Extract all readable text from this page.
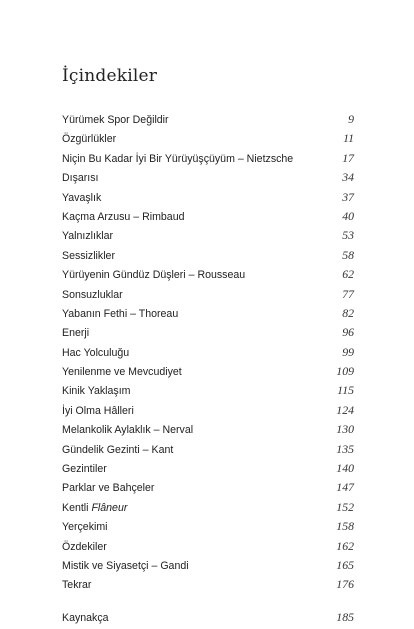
İçindekiler
Yürümek Spor Değildir	9
Özgürlükler	11
Niçin Bu Kadar İyi Bir Yürüyüşçüyüm – Nietzsche	17
Dışarısı	34
Yavaşlık	37
Kaçma Arzusu – Rimbaud	40
Yalnızlıklar	53
Sessizlikler	58
Yürüyenin Gündüz Düşleri – Rousseau	62
Sonsuzluklar	77
Yabanın Fethi – Thoreau	82
Enerji	96
Hac Yolculuğu	99
Yenilenme ve Mevcudiyet	109
Kinik Yaklaşım	115
İyi Olma Hâlleri	124
Melankolik Aylaklık – Nerval	130
Gündelik Gezinti – Kant	135
Gezintiler	140
Parklar ve Bahçeler	147
Kentli Flâneur	152
Yerçekimi	158
Özdekiler	162
Mistik ve Siyasetçi – Gandi	165
Tekrar	176
Kaynakça	185
